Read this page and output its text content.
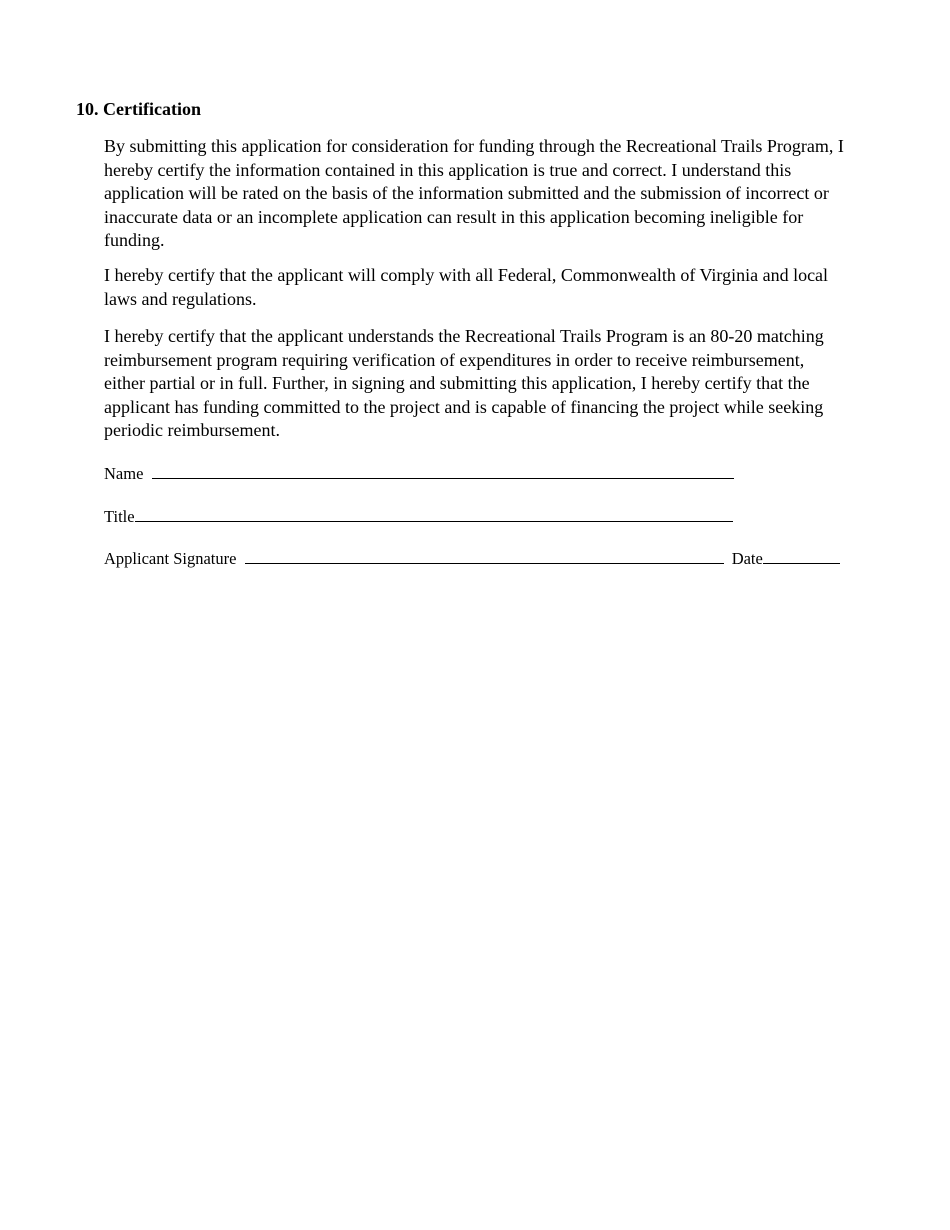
10. Certification

By submitting this application for consideration for funding through the Recreational Trails Program, I hereby certify the information contained in this application is true and correct. I understand this application will be rated on the basis of the information submitted and the submission of incorrect or inaccurate data or an incomplete application can result in this application becoming ineligible for funding.

I hereby certify that the applicant will comply with all Federal, Commonwealth of Virginia and local laws and regulations.

I hereby certify that the applicant understands the Recreational Trails Program is an 80-20 matching reimbursement program requiring verification of expenditures in order to receive reimbursement, either partial or in full. Further, in signing and submitting this application, I hereby certify that the applicant has funding committed to the project and is capable of financing the project while seeking periodic reimbursement.

Name
Title
Applicant Signature	Date
